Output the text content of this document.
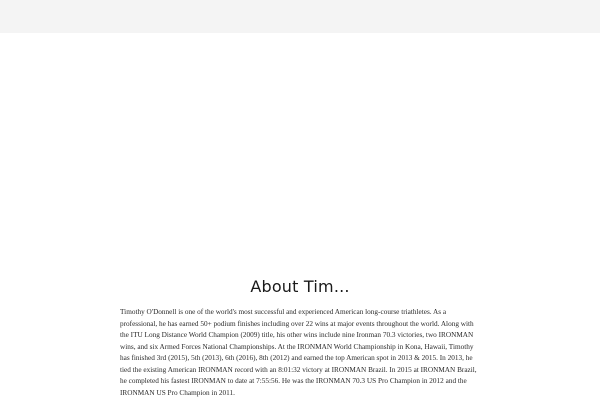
About Tim...

Timothy O'Donnell is one of the world's most successful and experienced American long-course triathletes. As a professional, he has earned 50+ podium finishes including over 22 wins at major events throughout the world. Along with the ITU Long Distance World Champion (2009) title, his other wins include nine Ironman 70.3 victories, two IRONMAN wins, and six Armed Forces National Championships. At the IRONMAN World Championship in Kona, Hawaii, Timothy has finished 3rd (2015), 5th (2013), 6th (2016), 8th (2012) and earned the top American spot in 2013 & 2015. In 2013, he tied the existing American IRONMAN record with an 8:01:32 victory at IRONMAN Brazil. In 2015 at IRONMAN Brazil, he completed his fastest IRONMAN to date at 7:55:56. He was the IRONMAN 70.3 US Pro Champion in 2012 and the IRONMAN US Pro Champion in 2011.
